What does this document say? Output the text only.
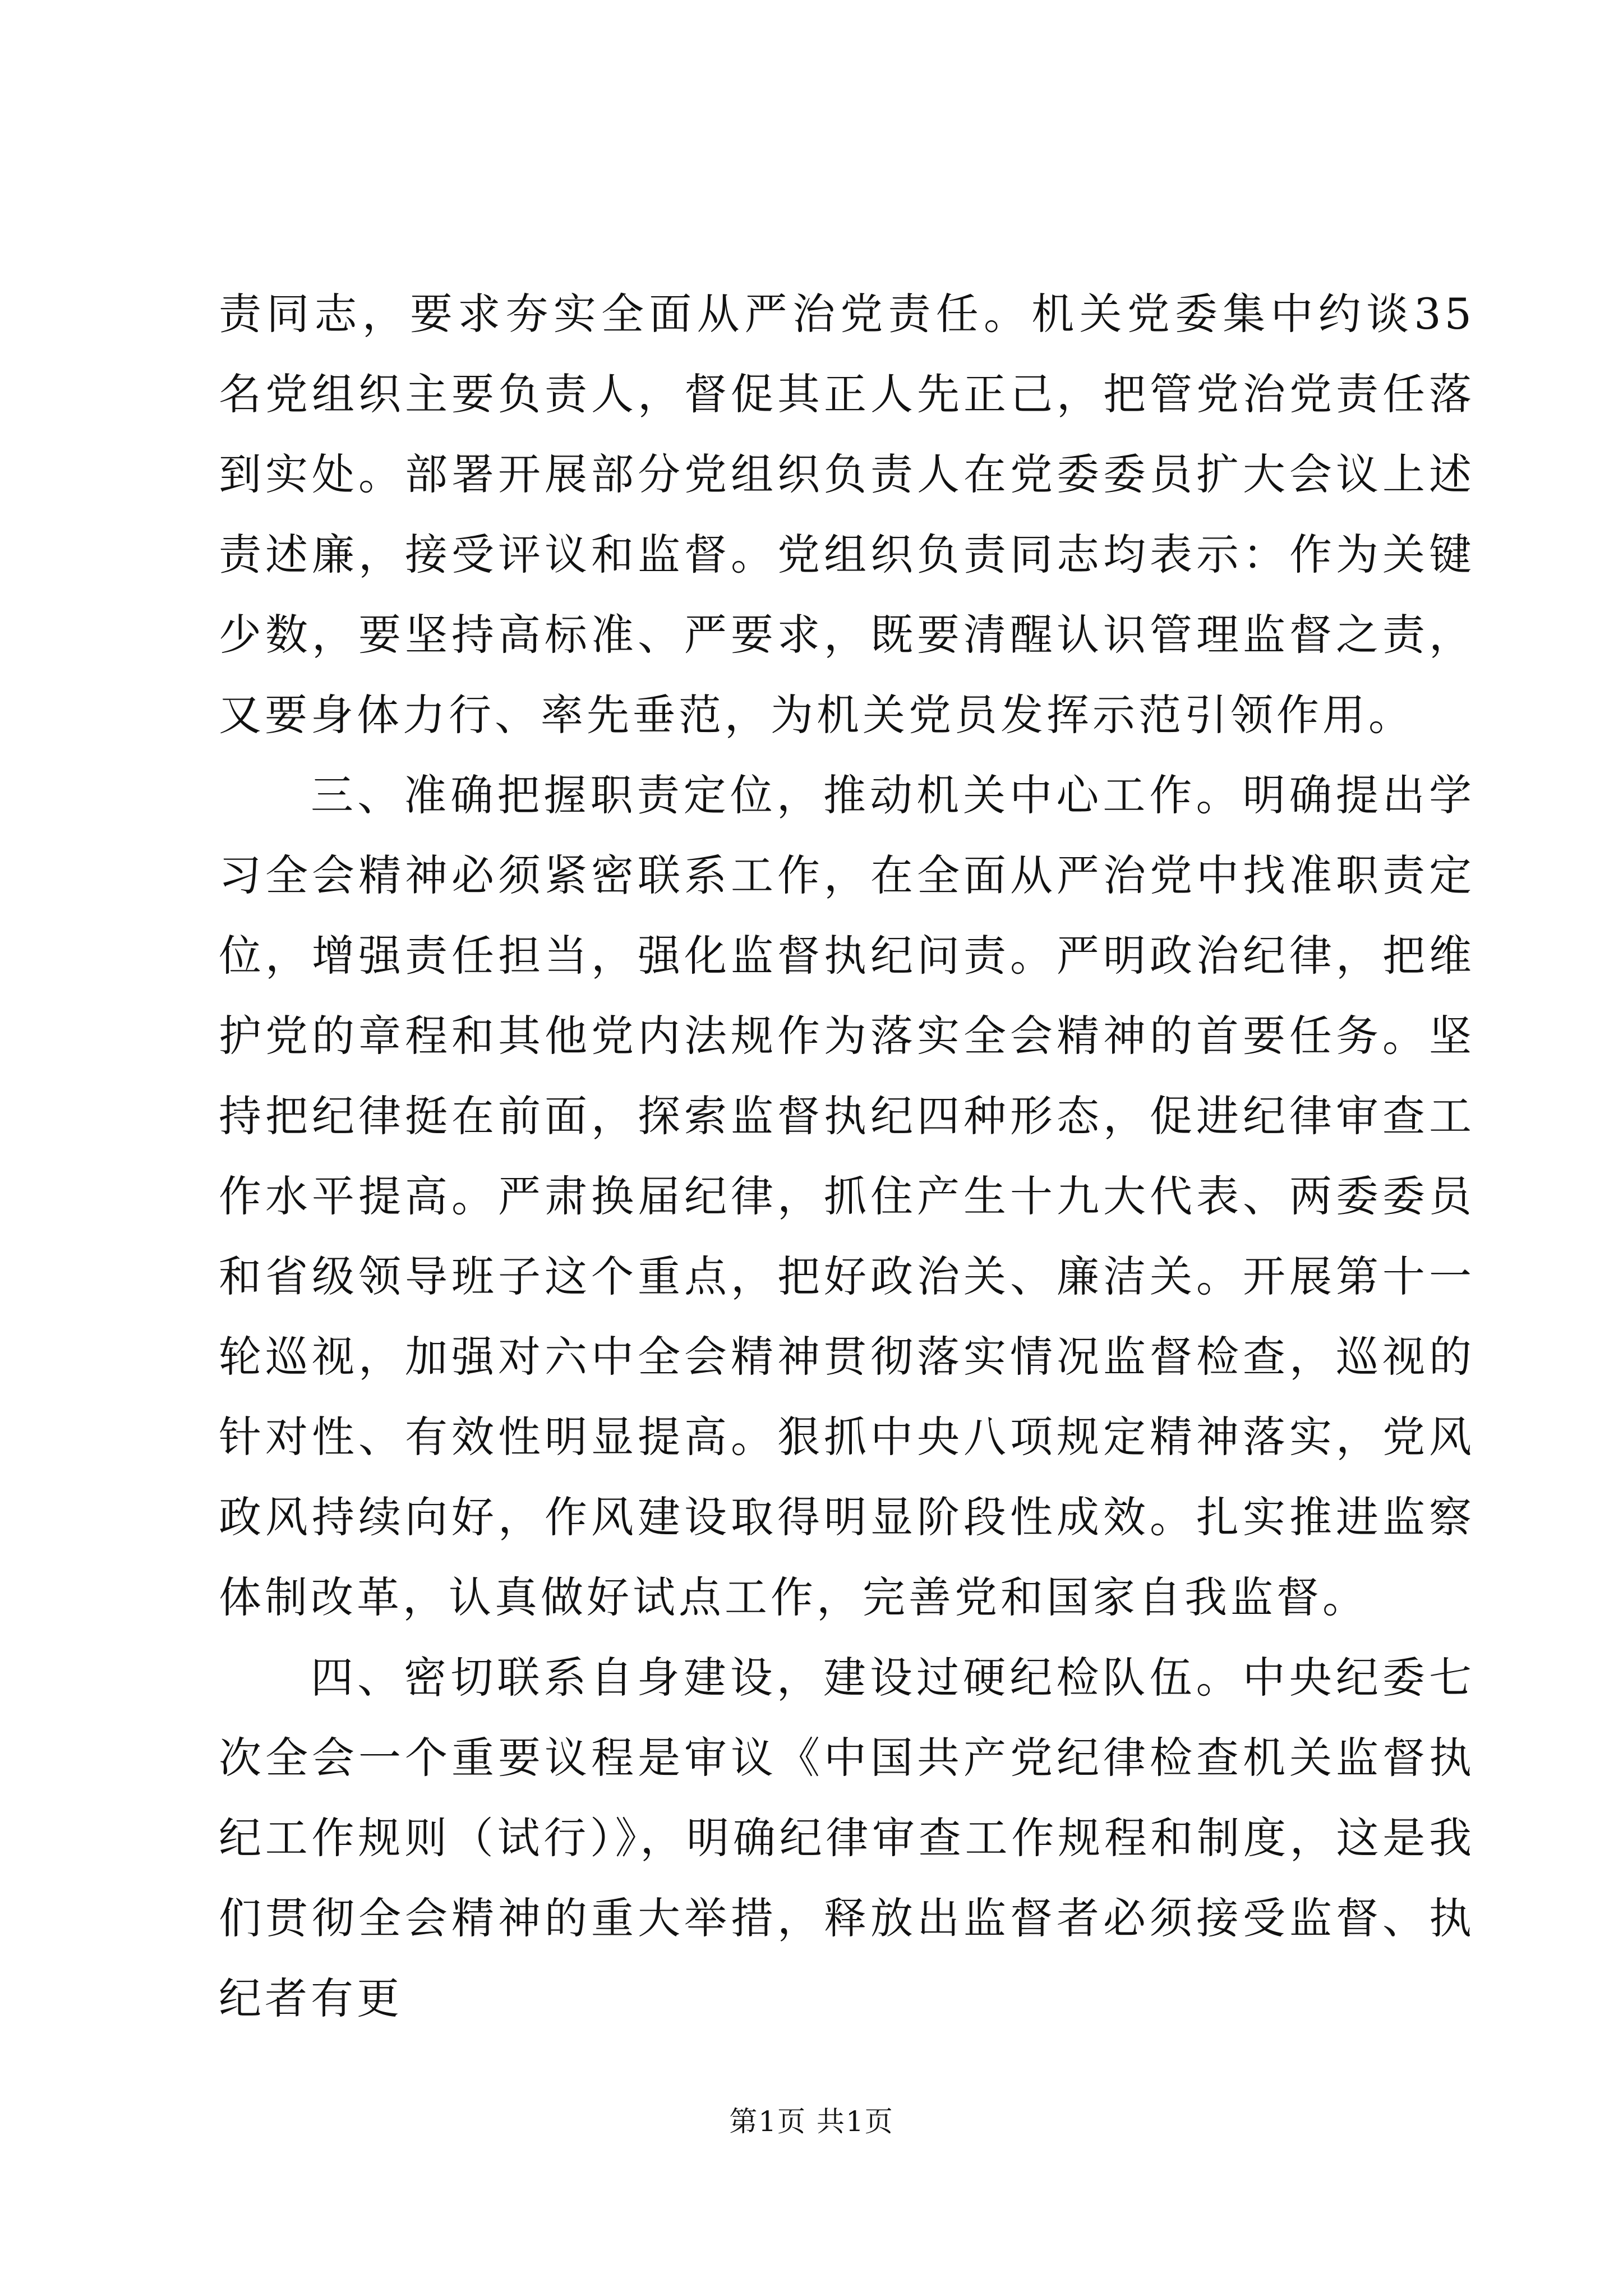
责同志，要求夯实全面从严治党责任。机关党委集中约谈35名党组织主要负责人，督促其正人先正己，把管党治党责任落到实处。部署开展部分党组织负责人在党委委员扩大会议上述责述廉，接受评议和监督。党组织负责同志均表示：作为关键少数，要坚持高标准、严要求，既要清醒认识管理监督之责，又要身体力行、率先垂范，为机关党员发挥示范引领作用。

三、准确把握职责定位，推动机关中心工作。明确提出学习全会精神必须紧密联系工作，在全面从严治党中找准职责定位，增强责任担当，强化监督执纪问责。严明政治纪律，把维护党的章程和其他党内法规作为落实全会精神的首要任务。坚持把纪律挺在前面，探索监督执纪四种形态，促进纪律审查工作水平提高。严肃换届纪律，抓住产生十九大代表、两委委员和省级领导班子这个重点，把好政治关、廉洁关。开展第十一轮巡视，加强对六中全会精神贯彻落实情况监督检查，巡视的针对性、有效性明显提高。狠抓中央八项规定精神落实，党风政风持续向好，作风建设取得明显阶段性成效。扎实推进监察体制改革，认真做好试点工作，完善党和国家自我监督。

四、密切联系自身建设，建设过硬纪检队伍。中央纪委七次全会一个重要议程是审议《中国共产党纪律检查机关监督执纪工作规则（试行）》，明确纪律审查工作规程和制度，这是我们贯彻全会精神的重大举措，释放出监督者必须接受监督、执纪者有更

第1页 共1页
